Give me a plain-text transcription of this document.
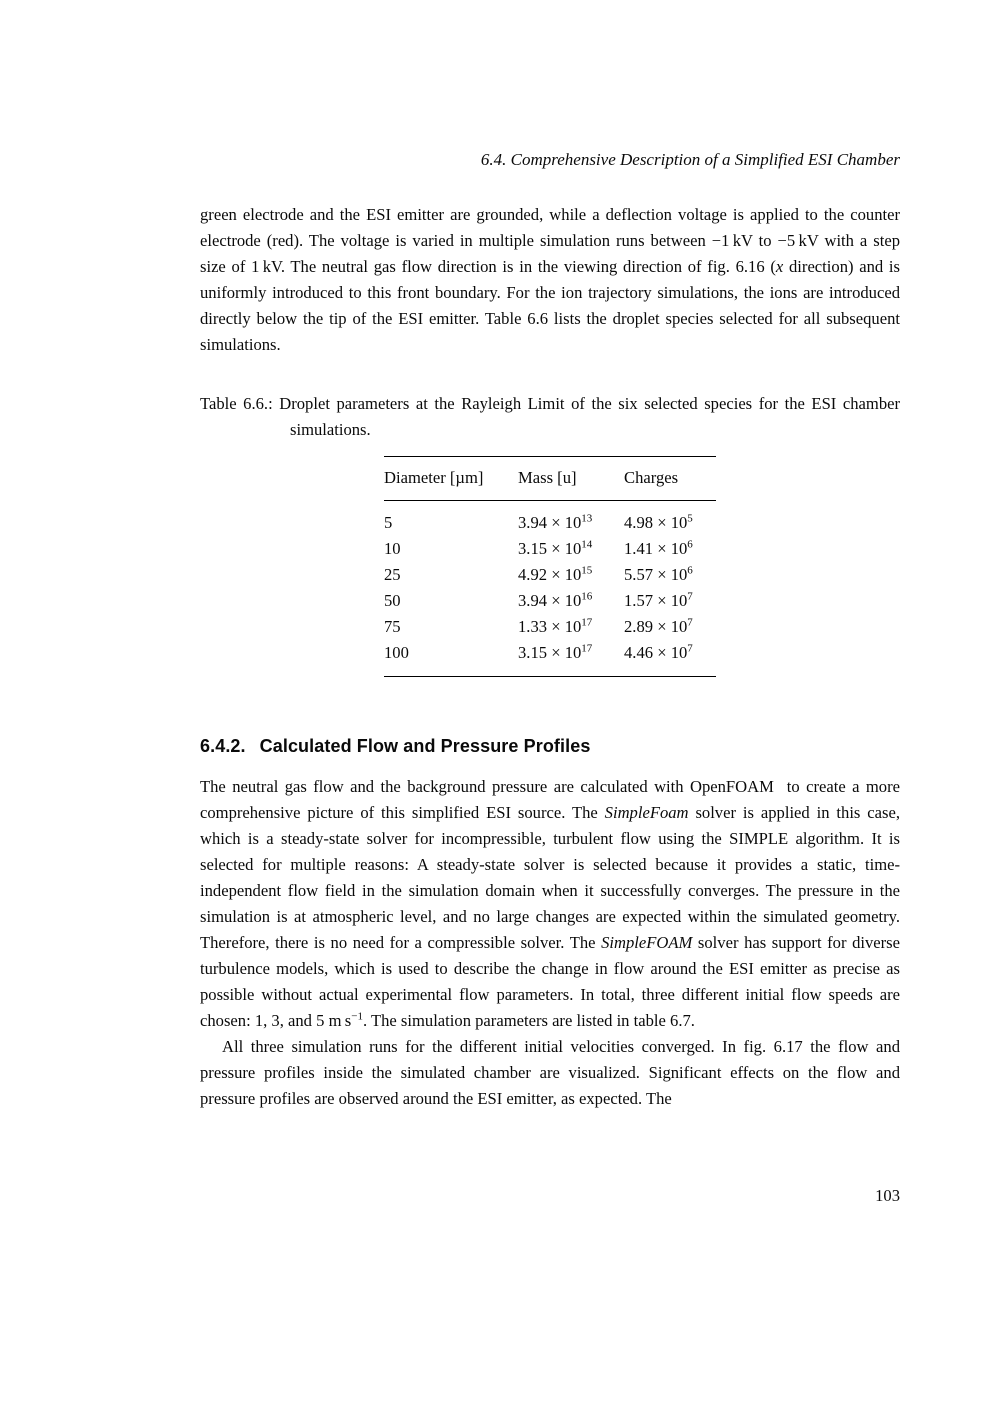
6.4. Comprehensive Description of a Simplified ESI Chamber

green electrode and the ESI emitter are grounded, while a deflection voltage is applied to the counter electrode (red). The voltage is varied in multiple simulation runs between −1 kV to −5 kV with a step size of 1 kV. The neutral gas flow direction is in the viewing direction of fig. 6.16 (x direction) and is uniformly introduced to this front boundary. For the ion trajectory simulations, the ions are introduced directly below the tip of the ESI emitter. Table 6.6 lists the droplet species selected for all subsequent simulations.

Table 6.6.: Droplet parameters at the Rayleigh Limit of the six selected species for the ESI chamber simulations.
Diameter [µm]	Mass [u]	Charges
5	$3.94 \times 10^{13}$	$4.98 \times 10^5$
10	$3.15 \times 10^{14}$	$1.41 \times 10^6$
25	$4.92 \times 10^{15}$	$5.57 \times 10^6$
50	$3.94 \times 10^{16}$	$1.57 \times 10^7$
75	$1.33 \times 10^{17}$	$2.89 \times 10^7$
100	$3.15 \times 10^{17}$	$4.46 \times 10^7$
6.4.2. Calculated Flow and Pressure Profiles

The neutral gas flow and the background pressure are calculated with OpenFOAM  to create a more comprehensive picture of this simplified ESI source. The SimpleFoam solver is applied in this case, which is a steady-state solver for incompressible, turbulent flow using the SIMPLE algorithm. It is selected for multiple reasons: A steady-state solver is selected because it provides a static, time-independent flow field in the simulation domain when it successfully converges. The pressure in the simulation is at atmospheric level, and no large changes are expected within the simulated geometry. Therefore, there is no need for a compressible solver. The SimpleFOAM solver has support for diverse turbulence models, which is used to describe the change in flow around the ESI emitter as precise as possible without actual experimental flow parameters. In total, three different initial flow speeds are chosen: 1, 3, and 5 m $s^{-1}$. The simulation parameters are listed in table 6.7.

All three simulation runs for the different initial velocities converged. In fig. 6.17 the flow and pressure profiles inside the simulated chamber are visualized. Significant effects on the flow and pressure profiles are observed around the ESI emitter, as expected. The

103
